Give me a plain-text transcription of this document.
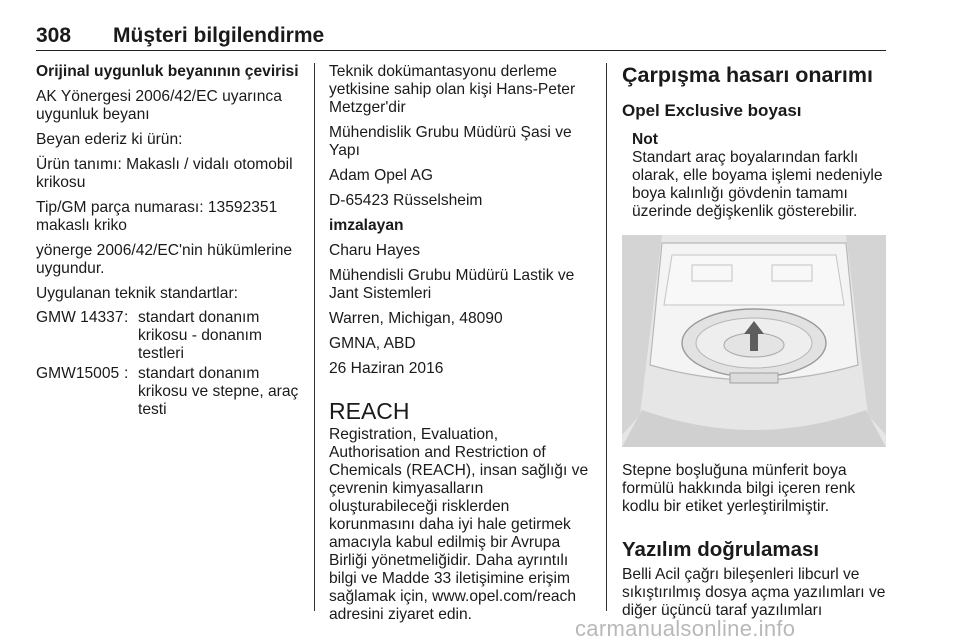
308 Müşteri bilgilendirme

Orijinal uygunluk beyanının çevirisi

AK Yönergesi 2006/42/EC uyarınca uygunluk beyanı

Beyan ederiz ki ürün:

Ürün tanımı: Makaslı / vidalı otomobil krikosu

Tip/GM parça numarası: 13592351 makaslı kriko

yönerge 2006/42/EC'nin hükümlerine uygundur.

Uygulanan teknik standartlar:

GMW 14337	:	standart donanım krikosu - donanım testleri
GMW15005	:	standart donanım krikosu ve stepne, araç testi

Teknik dokümantasyonu derleme yetkisine sahip olan kişi Hans-Peter Metzger'dir

Mühendislik Grubu Müdürü Şasi ve Yapı

Adam Opel AG

D-65423 Rüsselsheim

imzalayan

Charu Hayes

Mühendisli Grubu Müdürü Lastik ve Jant Sistemleri

Warren, Michigan, 48090

GMNA, ABD

26 Haziran 2016

REACH

Registration, Evaluation, Authorisation and Restriction of Chemicals (REACH), insan sağlığı ve çevrenin kimyasalların oluşturabileceği risklerden korunmasını daha iyi hale getirmek amacıyla kabul edilmiş bir Avrupa Birliği yönetmeliğidir. Daha ayrıntılı bilgi ve Madde 33 iletişimine erişim sağlamak için, www.opel.com/reach adresini ziyaret edin.

Çarpışma hasarı onarımı
Opel Exclusive boyası
Not
Standart araç boyalarından farklı olarak, elle boyama işlemi nedeniyle boya kalınlığı gövdenin tamamı üzerinde değişkenlik gösterebilir.

Stepne boşluğuna münferit boya formülü hakkında bilgi içeren renk kodlu bir etiket yerleştirilmiştir.

Yazılım doğrulaması

Belli Acil çağrı bileşenleri libcurl ve sıkıştırılmış dosya açma yazılımları ve diğer üçüncü taraf yazılımları

carmanualsonline.info
